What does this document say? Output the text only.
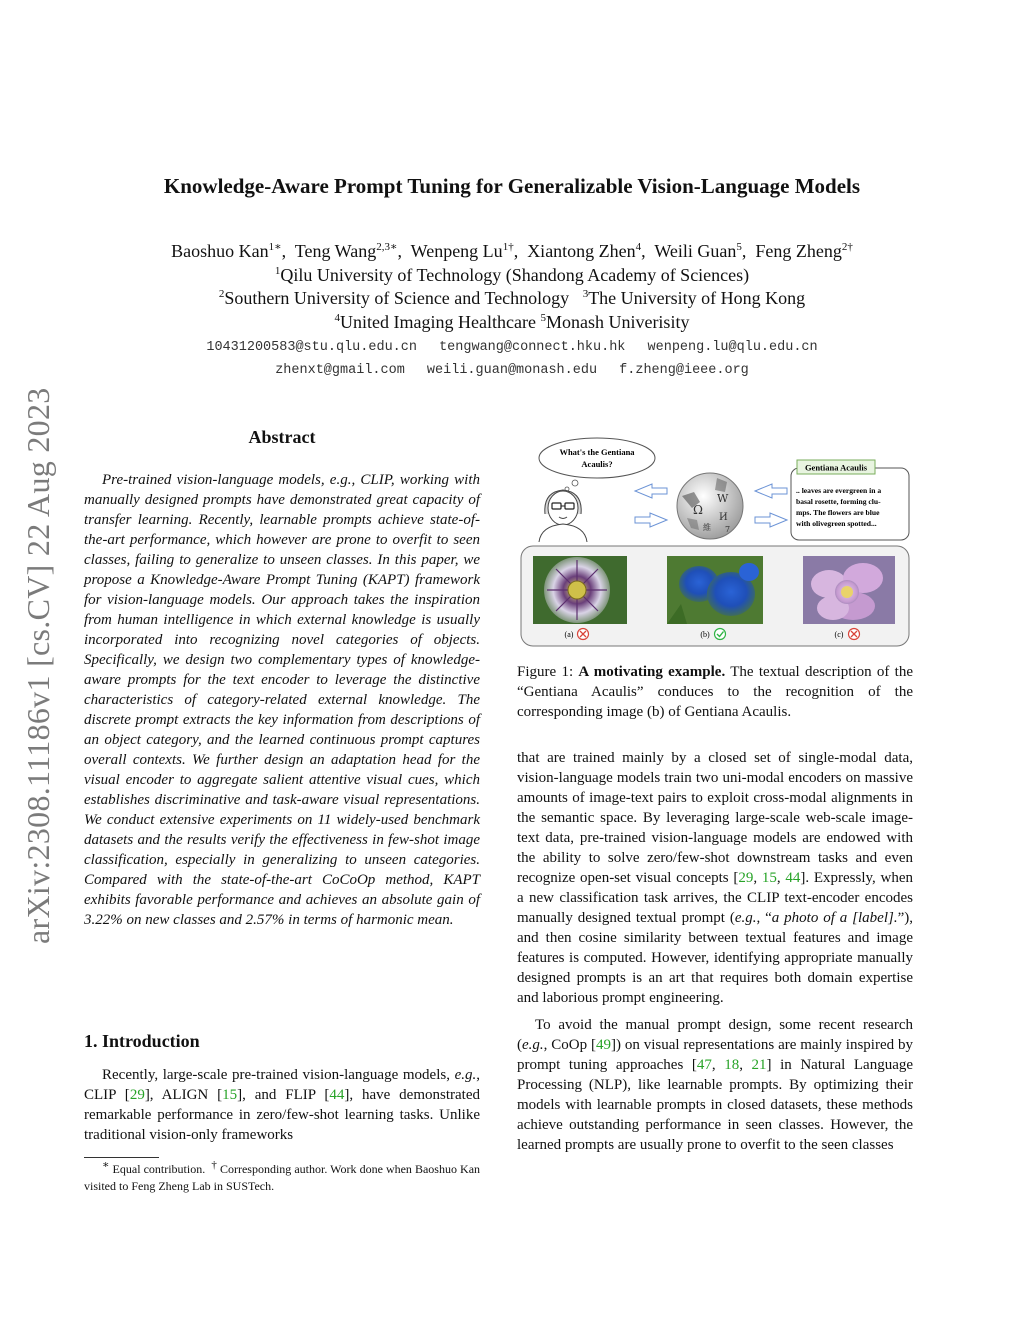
arXiv:2308.11186v1 [cs.CV] 22 Aug 2023
Knowledge-Aware Prompt Tuning for Generalizable Vision-Language Models
Baoshuo Kan$^{1∗}$,  Teng Wang$^{2,3∗}$,  Wenpeng $Lu^{1\dagger}$,  Xiantong Zhen$^4$,  Weili Guan$^5$,  Feng Zheng$^{2\dagger}$
$^1$Qilu University of Technology (Shandong Academy of Sciences)
$^2$Southern University of Science and Technology $^3$The University of Hong Kong
$^4$United Imaging Healthcare $^5$Monash Univerisity
10431200583@stu.qlu.edu.cn tengwang@connect.hku.hk wenpeng.lu@qlu.edu.cn
zhenxt@gmail.com weili.guan@monash.edu f.zheng@ieee.org
Abstract
Pre-trained vision-language models, e.g., CLIP, working with manually designed prompts have demonstrated great capacity of transfer learning. Recently, learnable prompts achieve state-of-the-art performance, which however are prone to overfit to seen classes, failing to generalize to unseen classes. In this paper, we propose a Knowledge-Aware Prompt Tuning (KAPT) framework for vision-language models. Our approach takes the inspiration from human intelligence in which external knowledge is usually incorporated into recognizing novel categories of objects. Specifically, we design two complementary types of knowledge-aware prompts for the text encoder to leverage the distinctive characteristics of category-related external knowledge. The discrete prompt extracts the key information from descriptions of an object category, and the learned continuous prompt captures overall contexts. We further design an adaptation head for the visual encoder to aggregate salient attentive visual cues, which establishes discriminative and task-aware visual representations. We conduct extensive experiments on 11 widely-used benchmark datasets and the results verify the effectiveness in few-shot image classification, especially in generalizing to unseen categories. Compared with the state-of-the-art CoCoOp method, KAPT exhibits favorable performance and achieves an absolute gain of 3.22% on new classes and 2.57% in terms of harmonic mean.
1. Introduction
Recently, large-scale pre-trained vision-language models, e.g., CLIP [29], ALIGN [15], and FLIP [44], have demonstrated remarkable performance in zero/few-shot learning tasks. Unlike traditional vision-only frameworks
∗ Equal contribution.  † Corresponding author. Work done when Baoshuo Kan visited to Feng Zheng Lab in SUSTech.
What's the Gentiana
Acaulis?
Ω
W
И
維 7
Gentiana Acaulis
.. leaves are evergreen in a
basal rosette, forming clu-
mps. The flowers are blue
with olivegreen spotted...
(a)	(b)	(c)
Figure 1: A motivating example. The textual description of the “Gentiana Acaulis” conduces to the recognition of the corresponding image (b) of Gentiana Acaulis.

that are trained mainly by a closed set of single-modal data, vision-language models train two uni-modal encoders on massive amounts of image-text pairs to exploit cross-modal alignments in the semantic space. By leveraging large-scale web-scale image-text data, pre-trained vision-language models are endowed with the ability to solve zero/few-shot downstream tasks and even recognize open-set visual concepts [29, 15, 44]. Expressly, when a new classification task arrives, the CLIP text-encoder encodes manually designed textual prompt (e.g., “a photo of a [label].”), and then cosine similarity between textual features and image features is computed. However, identifying appropriate manually designed prompts is an art that requires both domain expertise and laborious prompt engineering.

To avoid the manual prompt design, some recent research (e.g., CoOp [49]) on visual representations are mainly inspired by prompt tuning approaches [47, 18, 21] in Natural Language Processing (NLP), like learnable prompts. By optimizing their models with learnable prompts in closed datasets, these methods achieve outstanding performance in seen classes. However, the learned prompts are usually prone to overfit to the seen classes
